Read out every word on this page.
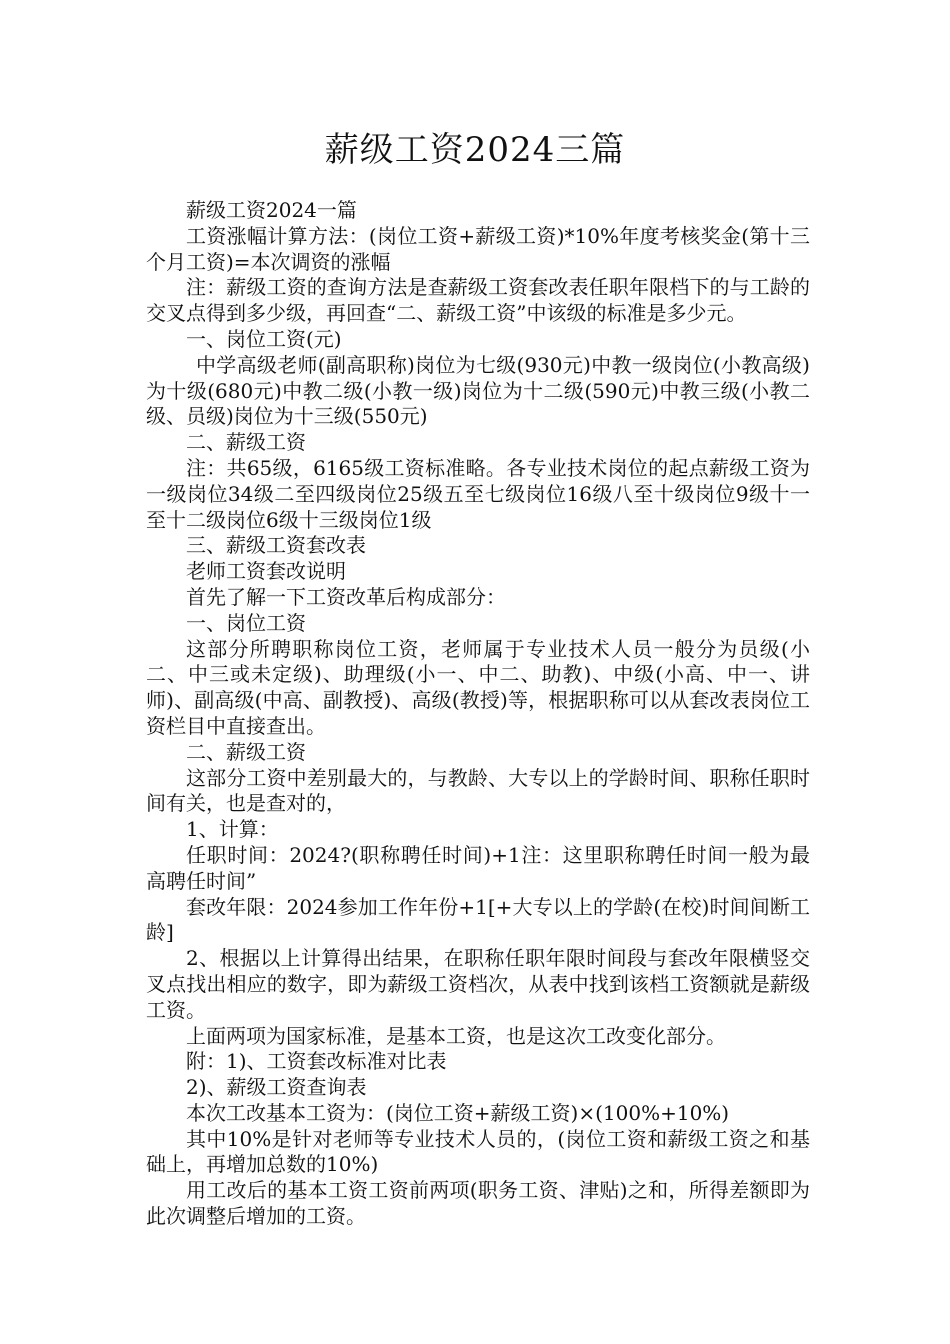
薪级工资2024三篇

薪级工资2024一篇

工资涨幅计算方法：(岗位工资+薪级工资)*10%年度考核奖金(第十三个月工资)=本次调资的涨幅

注：薪级工资的查询方法是查薪级工资套改表任职年限档下的与工龄的交叉点得到多少级，再回查“二、薪级工资”中该级的标准是多少元。

一、岗位工资(元)

中学高级老师(副高职称)岗位为七级(930元)中教一级岗位(小教高级)为十级(680元)中教二级(小教一级)岗位为十二级(590元)中教三级(小教二级、员级)岗位为十三级(550元)

二、薪级工资

注：共65级，6165级工资标准略。各专业技术岗位的起点薪级工资为一级岗位34级二至四级岗位25级五至七级岗位16级八至十级岗位9级十一至十二级岗位6级十三级岗位1级

三、薪级工资套改表

老师工资套改说明

首先了解一下工资改革后构成部分：

一、岗位工资

这部分所聘职称岗位工资，老师属于专业技术人员一般分为员级(小二、中三或未定级)、助理级(小一、中二、助教)、中级(小高、中一、讲师)、副高级(中高、副教授)、高级(教授)等，根据职称可以从套改表岗位工资栏目中直接查出。

二、薪级工资

这部分工资中差别最大的，与教龄、大专以上的学龄时间、职称任职时间有关，也是查对的，

1、计算：

任职时间：2024?(职称聘任时间)+1注：这里职称聘任时间一般为最高聘任时间”

套改年限：2024参加工作年份+1[+大专以上的学龄(在校)时间间断工龄]

2、根据以上计算得出结果，在职称任职年限时间段与套改年限横竖交叉点找出相应的数字，即为薪级工资档次，从表中找到该档工资额就是薪级工资。

上面两项为国家标准，是基本工资，也是这次工改变化部分。

附：1)、工资套改标准对比表

2)、薪级工资查询表

本次工改基本工资为：(岗位工资+薪级工资)×(100%+10%)

其中10%是针对老师等专业技术人员的，(岗位工资和薪级工资之和基础上，再增加总数的10%)

用工改后的基本工资工资前两项(职务工资、津贴)之和，所得差额即为此次调整后增加的工资。
